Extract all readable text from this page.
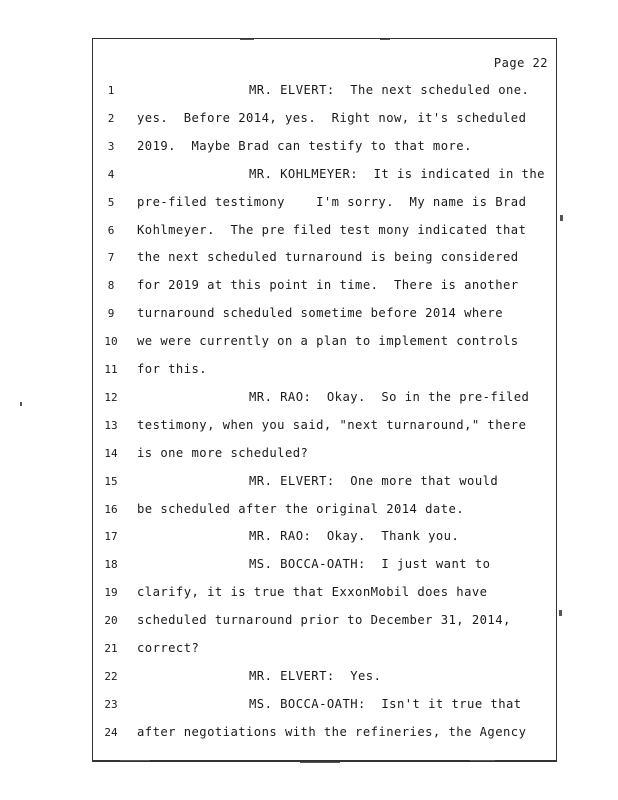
Page 22
1	MR. ELVERT:  The next scheduled one.
2	yes.  Before 2014, yes.  Right now, it's scheduled
3	2019.  Maybe Brad can testify to that more.
4	MR. KOHLMEYER:  It is indicated in the
5	pre-filed testimony    I'm sorry.  My name is Brad
6	Kohlmeyer.  The pre filed test mony indicated that
7	the next scheduled turnaround is being considered
8	for 2019 at this point in time.  There is another
9	turnaround scheduled sometime before 2014 where
10	we were currently on a plan to implement controls
11	for this.
12	MR. RAO:  Okay.  So in the pre-filed
13	testimony, when you said, "next turnaround," there
14	is one more scheduled?
15	MR. ELVERT:  One more that would
16	be scheduled after the original 2014 date.
17	MR. RAO:  Okay.  Thank you.
18	MS. BOCCA-OATH:  I just want to
19	clarify, it is true that ExxonMobil does have
20	scheduled turnaround prior to December 31, 2014,
21	correct?
22	MR. ELVERT:  Yes.
23	MS. BOCCA-OATH:  Isn't it true that
24	after negotiations with the refineries, the Agency
